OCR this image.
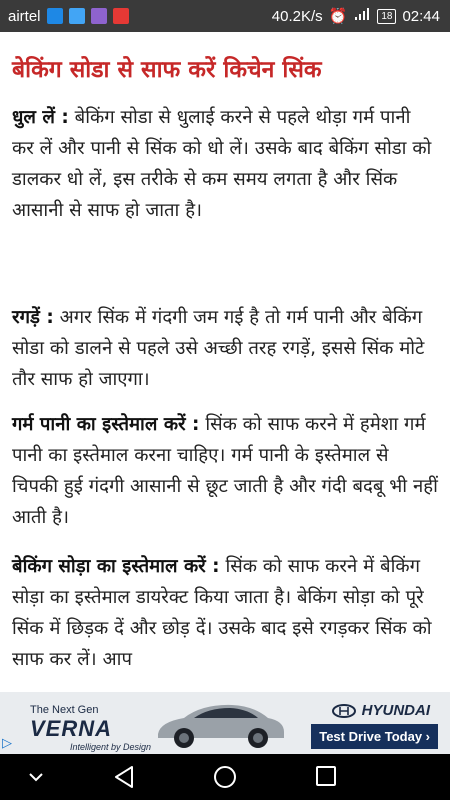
airtel	40.2K/s ⏰	18 02:44
बेकिंग सोडा से साफ करें किचेन सिंक

धुल लें : बेकिंग सोडा से धुलाई करने से पहले थोड़ा गर्म पानी कर लें और पानी से सिंक को धो लें। उसके बाद बेकिंग सोडा को डालकर धो लें, इस तरीके से कम समय लगता है और सिंक आसानी से साफ हो जाता है।

रगड़ें : अगर सिंक में गंदगी जम गई है तो गर्म पानी और बेकिंग सोडा को डालने से पहले उसे अच्छी तरह रगड़ें, इससे सिंक मोटे तौर साफ हो जाएगा।

गर्म पानी का इस्तेमाल करें : सिंक को साफ करने में हमेशा गर्म पानी का इस्तेमाल करना चाहिए। गर्म पानी के इस्तेमाल से चिपकी हुई गंदगी आसानी से छूट जाती है और गंदी बदबू भी नहीं आती है।

बेकिंग सोड़ा का इस्तेमाल करें : सिंक को साफ करने में बेकिंग सोड़ा का इस्तेमाल डायरेक्ट किया जाता है। बेकिंग सोड़ा को पूरे सिंक में छिड़क दें और छोड़ दें। उसके बाद इसे रगड़कर सिंक को साफ कर लें। आप

The Next Gen
VERNA
Intelligent by Design
HYUNDAI
Test Drive Today ›
▷
